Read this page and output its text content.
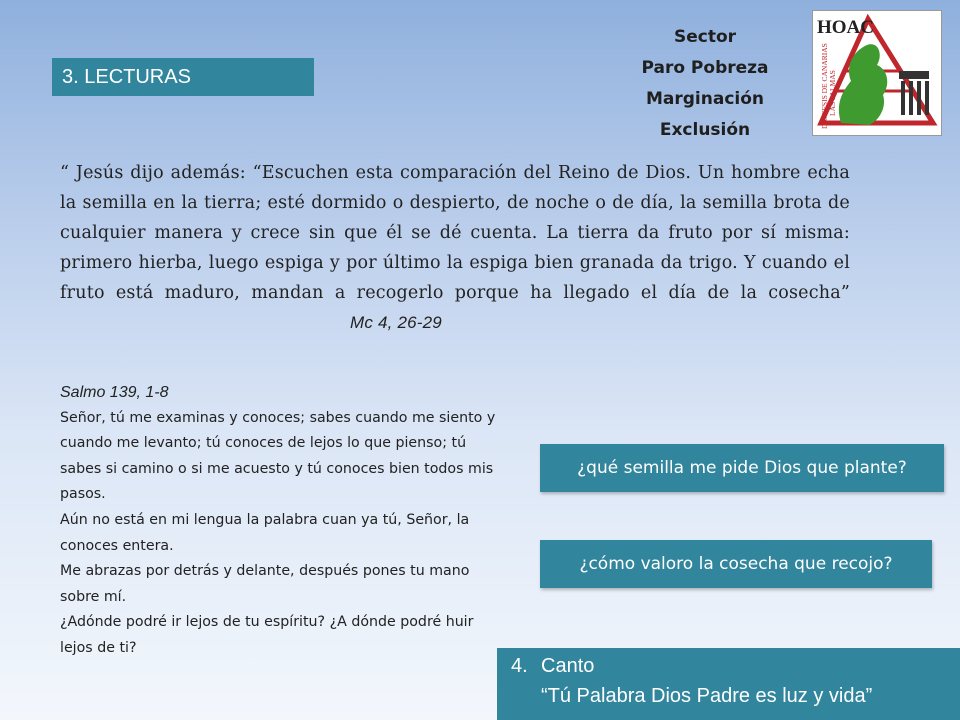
3. LECTURAS
Sector
Paro Pobreza
Marginación
Exclusión
HOAC
DIÓCESIS DE CANARIAS LAS PALMAS
“ Jesús dijo además: “Escuchen esta comparación del Reino de Dios. Un hombre echa la semilla en la tierra; esté dormido o despierto, de noche o de día, la semilla brota de cualquier manera y crece sin que él se dé cuenta. La tierra da fruto por sí misma: primero hierba, luego espiga y por último la espiga bien granada da trigo. Y cuando el fruto está maduro, mandan a recogerlo porque ha llegado el día de la cosecha” Mc 4, 26-29
Salmo 139, 1-8

Señor, tú me examinas y conoces; sabes cuando me siento y cuando me levanto; tú conoces de lejos lo que pienso; tú sabes si camino o si me acuesto y tú conoces bien todos mis pasos.

Aún no está en mi lengua la palabra cuan ya tú, Señor, la conoces entera.

Me abrazas por detrás y delante, después pones tu mano sobre mí.

¿Adónde podré ir lejos de tu espíritu? ¿A dónde podré huir lejos de ti?

¿qué semilla me pide Dios que plante?
¿cómo valoro la cosecha que recojo?
4. Canto
“Tú Palabra Dios Padre es luz y vida”
